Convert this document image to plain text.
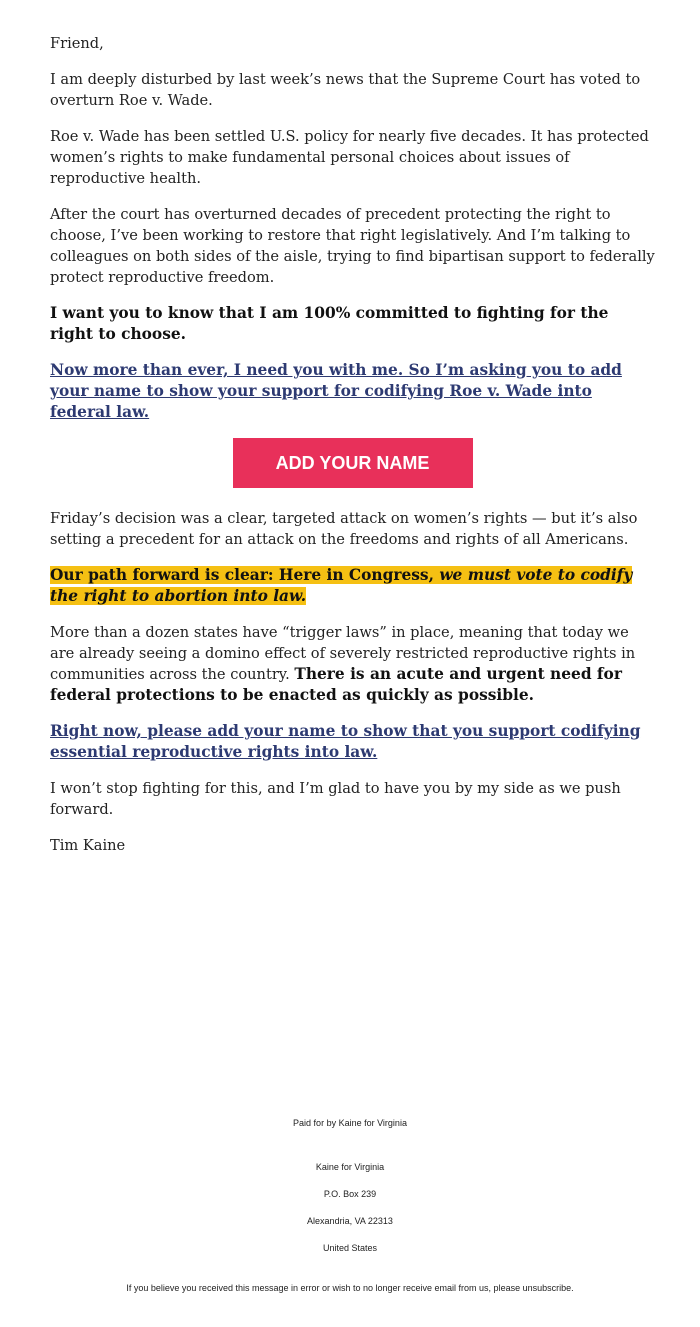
Friend,

I am deeply disturbed by last week’s news that the Supreme Court has voted to overturn Roe v. Wade.

Roe v. Wade has been settled U.S. policy for nearly five decades. It has protected women’s rights to make fundamental personal choices about issues of reproductive health.

After the court has overturned decades of precedent protecting the right to choose, I’ve been working to restore that right legislatively. And I’m talking to colleagues on both sides of the aisle, trying to find bipartisan support to federally protect reproductive freedom.

I want you to know that I am 100% committed to fighting for the right to choose.

Now more than ever, I need you with me. So I’m asking you to add your name to show your support for codifying Roe v. Wade into federal law.

ADD YOUR NAME

Friday’s decision was a clear, targeted attack on women’s rights — but it’s also setting a precedent for an attack on the freedoms and rights of all Americans.

Our path forward is clear: Here in Congress, we must vote to codify the right to abortion into law.

More than a dozen states have “trigger laws” in place, meaning that today we are already seeing a domino effect of severely restricted reproductive rights in communities across the country. There is an acute and urgent need for federal protections to be enacted as quickly as possible.

Right now, please add your name to show that you support codifying essential reproductive rights into law.

I won’t stop fighting for this, and I’m glad to have you by my side as we push forward.

Tim Kaine

Paid for by Kaine for Virginia
Kaine for Virginia
P.O. Box 239
Alexandria, VA 22313
United States
If you believe you received this message in error or wish to no longer receive email from us, please unsubscribe.
